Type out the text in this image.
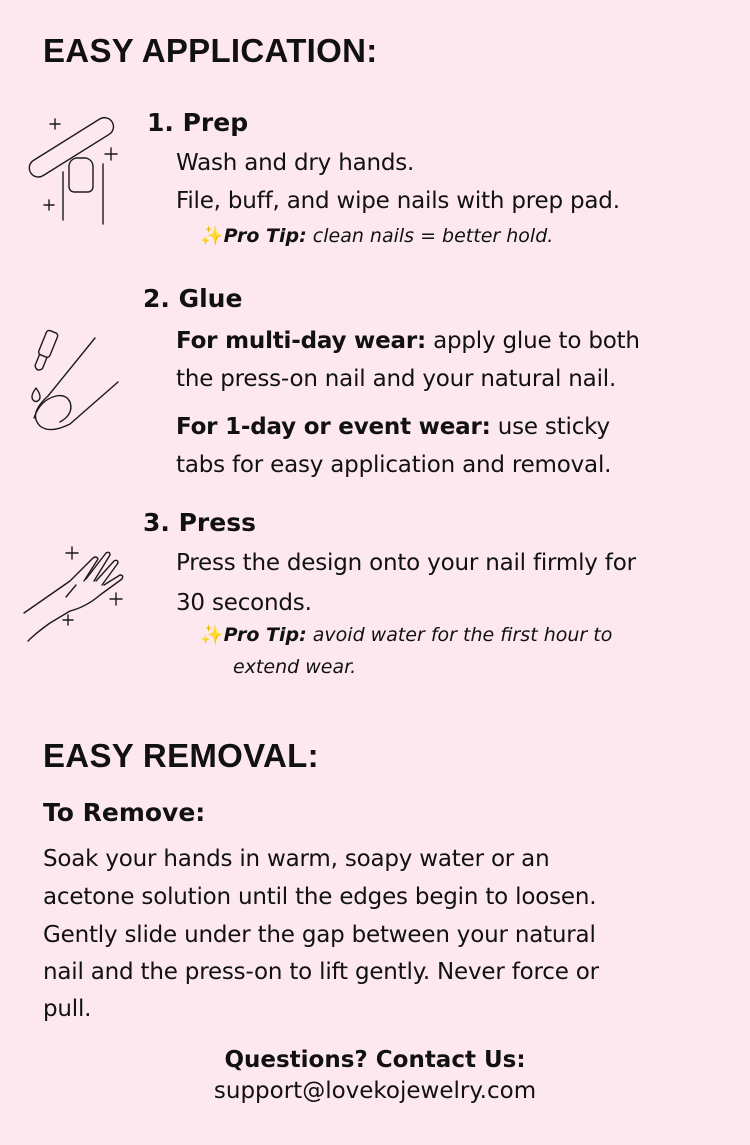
EASY APPLICATION:
1. Prep
Wash and dry hands.
File, buff, and wipe nails with prep pad.
✨Pro Tip: clean nails = better hold.
2. Glue
For multi-day wear: apply glue to both
the press-on nail and your natural nail.
For 1-day or event wear: use sticky
tabs for easy application and removal.
3. Press
Press the design onto your nail firmly for
30 seconds.
✨Pro Tip: avoid water for the first hour to
extend wear.
EASY REMOVAL:
To Remove:
Soak your hands in warm, soapy water or an
acetone solution until the edges begin to loosen.
Gently slide under the gap between your natural
nail and the press-on to lift gently. Never force or
pull.
Questions? Contact Us:
support@lovekojewelry.com
